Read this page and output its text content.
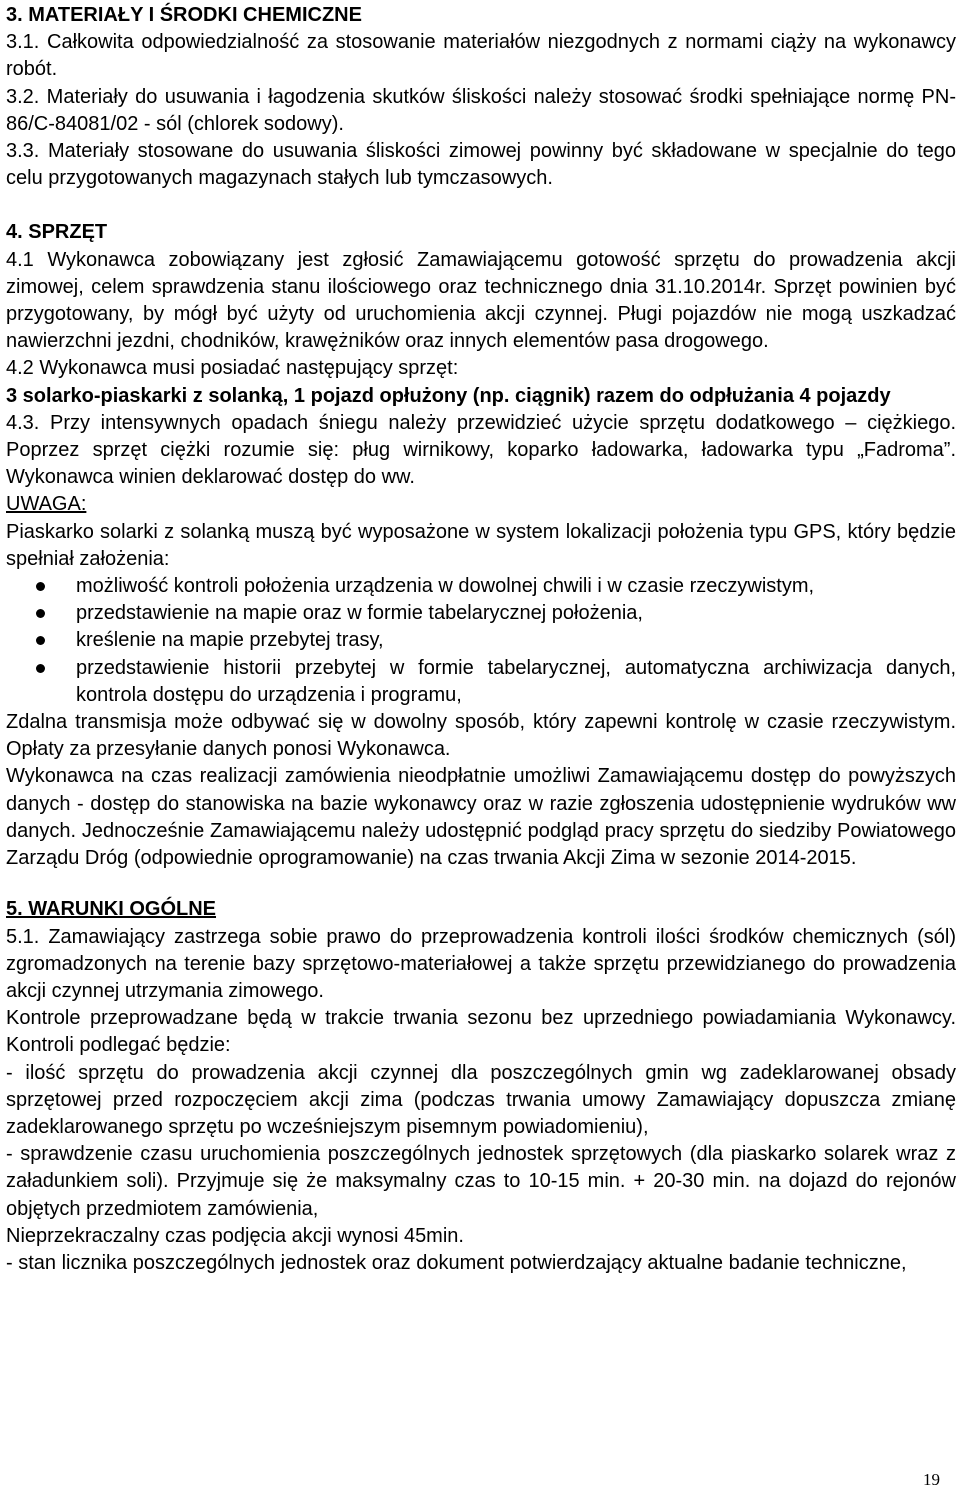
3. MATERIAŁY I ŚRODKI CHEMICZNE

3.1. Całkowita odpowiedzialność za stosowanie materiałów niezgodnych z normami ciąży na wykonawcy robót.

3.2. Materiały do usuwania i łagodzenia skutków śliskości należy stosować środki spełniające normę PN-86/C-84081/02 - sól (chlorek sodowy).

3.3. Materiały stosowane do usuwania śliskości zimowej powinny być składowane w specjalnie do tego celu przygotowanych magazynach stałych lub tymczasowych.

4. SPRZĘT

4.1 Wykonawca zobowiązany jest zgłosić Zamawiającemu gotowość sprzętu do prowadzenia akcji zimowej, celem sprawdzenia stanu ilościowego oraz technicznego dnia 31.10.2014r. Sprzęt powinien być przygotowany, by mógł być użyty od uruchomienia akcji czynnej. Pługi pojazdów nie mogą uszkadzać nawierzchni jezdni, chodników, krawężników oraz innych elementów pasa drogowego.

4.2 Wykonawca musi posiadać następujący sprzęt:

3 solarko-piaskarki z solanką, 1 pojazd opłużony (np. ciągnik) razem do odpłużania 4 pojazdy

4.3. Przy intensywnych opadach śniegu należy przewidzieć użycie sprzętu dodatkowego – ciężkiego. Poprzez sprzęt ciężki rozumie się: pług wirnikowy, koparko ładowarka, ładowarka typu „Fadroma”. Wykonawca winien deklarować dostęp do ww.

UWAGA:

Piaskarko solarki z solanką muszą być wyposażone w system lokalizacji położenia typu GPS, który będzie spełniał założenia:

możliwość kontroli położenia urządzenia w dowolnej chwili i w czasie rzeczywistym,
przedstawienie na mapie oraz w formie tabelarycznej położenia,
kreślenie na mapie przebytej trasy,
przedstawienie historii przebytej w formie tabelarycznej, automatyczna archiwizacja danych, kontrola dostępu do urządzenia i programu,

Zdalna transmisja może odbywać się w dowolny sposób, który zapewni kontrolę w czasie rzeczywistym. Opłaty za przesyłanie danych ponosi Wykonawca.

Wykonawca na czas realizacji zamówienia nieodpłatnie umożliwi Zamawiającemu dostęp do powyższych danych - dostęp do stanowiska na bazie wykonawcy oraz w razie zgłoszenia udostępnienie wydruków ww danych. Jednocześnie Zamawiającemu należy udostępnić podgląd pracy sprzętu do siedziby Powiatowego Zarządu Dróg (odpowiednie oprogramowanie) na czas trwania Akcji Zima w sezonie 2014-2015.

5. WARUNKI OGÓLNE

5.1. Zamawiający zastrzega sobie prawo do przeprowadzenia kontroli ilości środków chemicznych (sól) zgromadzonych na terenie bazy sprzętowo-materiałowej a także sprzętu przewidzianego do prowadzenia akcji czynnej utrzymania zimowego.

Kontrole przeprowadzane będą w trakcie trwania sezonu bez uprzedniego powiadamiania Wykonawcy. Kontroli podlegać będzie:

- ilość sprzętu do prowadzenia akcji czynnej dla poszczególnych gmin wg zadeklarowanej obsady sprzętowej przed rozpoczęciem akcji zima (podczas trwania umowy Zamawiający dopuszcza zmianę zadeklarowanego sprzętu po wcześniejszym pisemnym powiadomieniu),

- sprawdzenie czasu uruchomienia poszczególnych jednostek sprzętowych (dla piaskarko solarek wraz z załadunkiem soli). Przyjmuje się że maksymalny czas to 10-15 min. + 20-30 min. na dojazd do rejonów objętych przedmiotem zamówienia,

Nieprzekraczalny czas podjęcia akcji wynosi 45min.

- stan licznika poszczególnych jednostek oraz dokument potwierdzający aktualne badanie techniczne,

19
